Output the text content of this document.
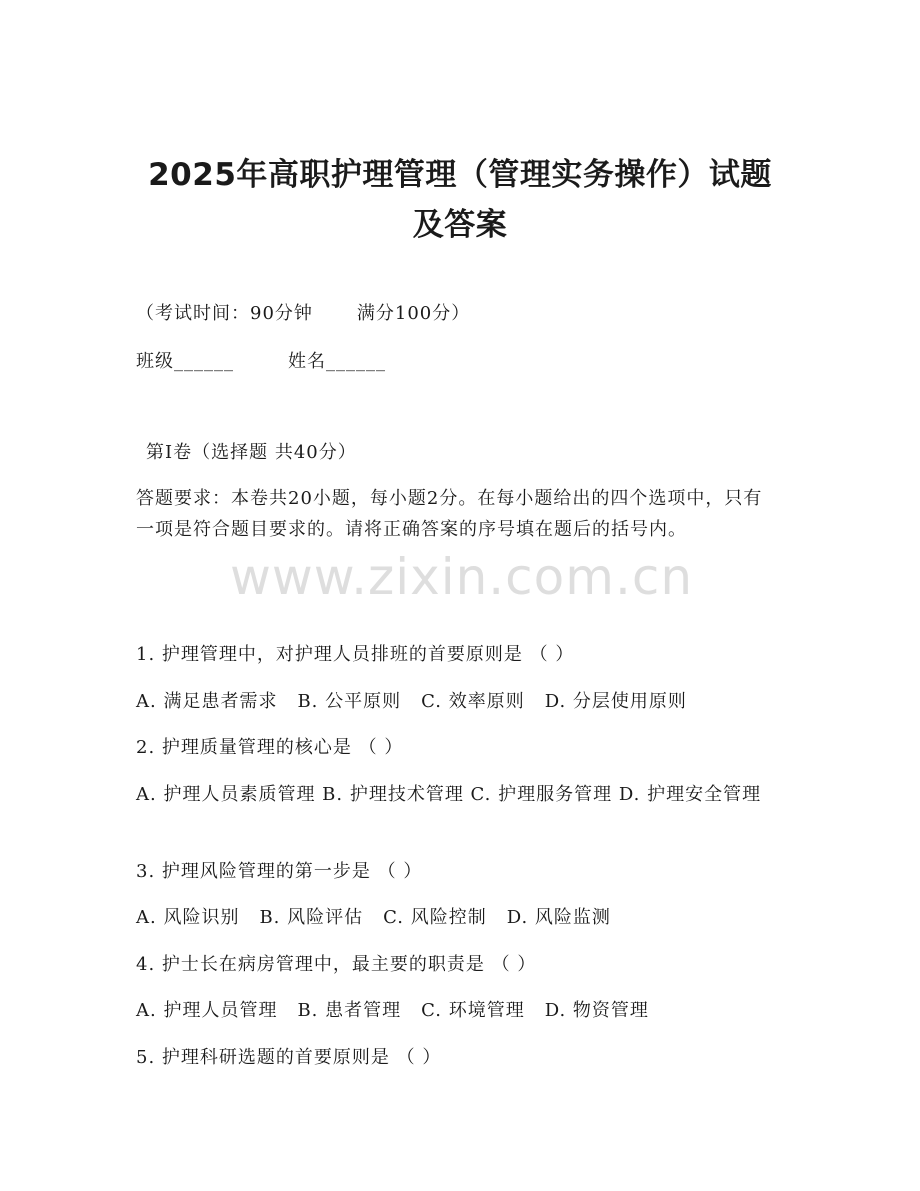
2025年高职护理管理（管理实务操作）试题
及答案
（考试时间：90分钟 满分100分）
班级______	姓名______
第Ⅰ卷（选择题 共40分）
答题要求：本卷共20小题，每小题2分。在每小题给出的四个选项中，只有一项是符合题目要求的。请将正确答案的序号填在题后的括号内。
www.zixin.com.cn
1. 护理管理中，对护理人员排班的首要原则是 （ ）
A. 满足患者需求 B. 公平原则 C. 效率原则 D. 分层使用原则
2. 护理质量管理的核心是 （ ）
A. 护理人员素质管理 B. 护理技术管理 C. 护理服务管理 D. 护理安全管理
3. 护理风险管理的第一步是 （ ）
A. 风险识别 B. 风险评估 C. 风险控制 D. 风险监测
4. 护士长在病房管理中，最主要的职责是 （ ）
A. 护理人员管理 B. 患者管理 C. 环境管理 D. 物资管理
5. 护理科研选题的首要原则是 （ ）
